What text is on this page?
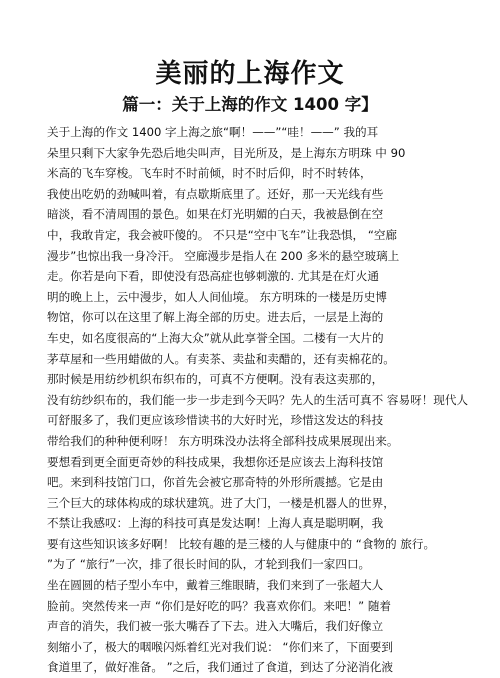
美丽的上海作文
篇一：关于上海的作文 1400 字】
关于上海的作文 1400 字上海之旅“啊！——”“哇！——” 我的耳
朵里只剩下大家争先恐后地尖叫声，目光所及，是上海东方明珠 中 90
米高的飞车穿梭。飞车时不时前倾，时不时后仰，时不时转体，
我使出吃奶的劲喊叫着，有点歇斯底里了。还好，那一天光线有些
暗淡，看不清周围的景色。如果在灯光明媚的白天，我被悬倒在空
中，我敢肯定，我会被吓傻的。 不只是“空中飞车”让我恐惧， “空廊
漫步”也惊出我一身冷汗。 空廊漫步是指人在 200 多米的悬空玻璃上
走。你若是向下看，即使没有恐高症也够刺激的. 尤其是在灯火通
明的晚上上，云中漫步，如人人间仙境。 东方明珠的一楼是历史博
物馆，你可以在这里了解上海全部的历史。进去后，一层是上海的
车史，如名度很高的“上海大众”就从此享誉全国。二楼有一大片的
茅草屋和一些用蜡做的人。有卖茶、卖盐和卖醋的，还有卖棉花的。
那时候是用纺纱机织布织布的，可真不方便啊。没有表这卖那的，
没有纺纱织布的，我们能一步一步走到今天吗？先人的生活可真不 容易呀！现代人
可舒服多了，我们更应该珍惜读书的大好时光，珍惜这发达的科技
带给我们的种种便利呀！ 东方明珠没办法将全部科技成果展现出来。
要想看到更全面更奇妙的科技成果，我想你还是应该去上海科技馆
吧。来到科技馆门口，你首先会被它那奇特的外形所震撼。它是由
三个巨大的球体构成的球状建筑。进了大门，一楼是机器人的世界，
不禁让我感叹：上海的科技可真是发达啊！上海人真是聪明啊，我
要有这些知识该多好啊！ 比较有趣的是三楼的人与健康中的 “食物的 旅行。
”为了 “旅行”一次，排了很长时间的队，才轮到我们一家四口。
坐在圆圆的桔子型小车中，戴着三维眼睛，我们来到了一张超大人
脸前。突然传来一声 “你们是好吃的吗？我喜欢你们。来吧！” 随着
声音的消失，我们被一张大嘴吞了下去。进入大嘴后，我们好像立
刻缩小了，极大的咽喉闪烁着红光对我们说： “你们来了，下面要到
食道里了，做好准备。 ”之后，我们通过了食道，到达了分泌消化液
